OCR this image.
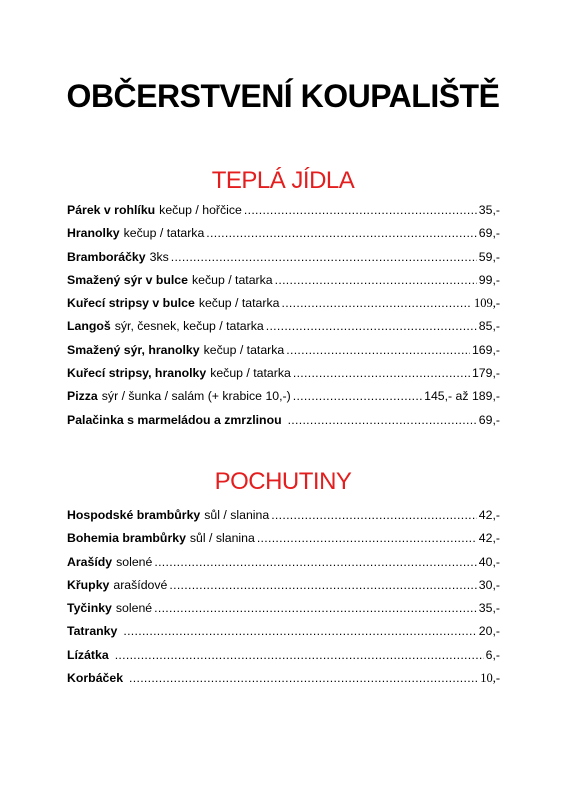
OBČERSTVENÍ KOUPALIŠTĚ
TEPLÁ JÍDLA
Párek v rohlíku kečup / hořčice .....	35,-
Hranolky kečup / tatarka .....	69,-
Bramboráčky 3ks .....	59,-
Smažený sýr v bulce kečup / tatarka .....	99,-
Kuřecí stripsy v bulce kečup / tatarka .....	109,-
Langoš sýr, česnek, kečup / tatarka .....	85,-
Smažený sýr, hranolky kečup / tatarka .....	169,-
Kuřecí stripsy, hranolky kečup / tatarka .....	179,-
Pizza sýr / šunka / salám (+ krabice 10,-) .....	145,- až 189,-
Palačinka s marmeládou a zmrzlinou .....	69,-
POCHUTINY
Hospodské brambůrky sůl / slanina .....	42,-
Bohemia brambůrky sůl / slanina .....	42,-
Arašídy solené .....	40,-
Křupky arašídové .....	30,-
Tyčinky solené .....	35,-
Tatranky .....	20,-
Lízátka .....	6,-
Korbáček .....	10,-
